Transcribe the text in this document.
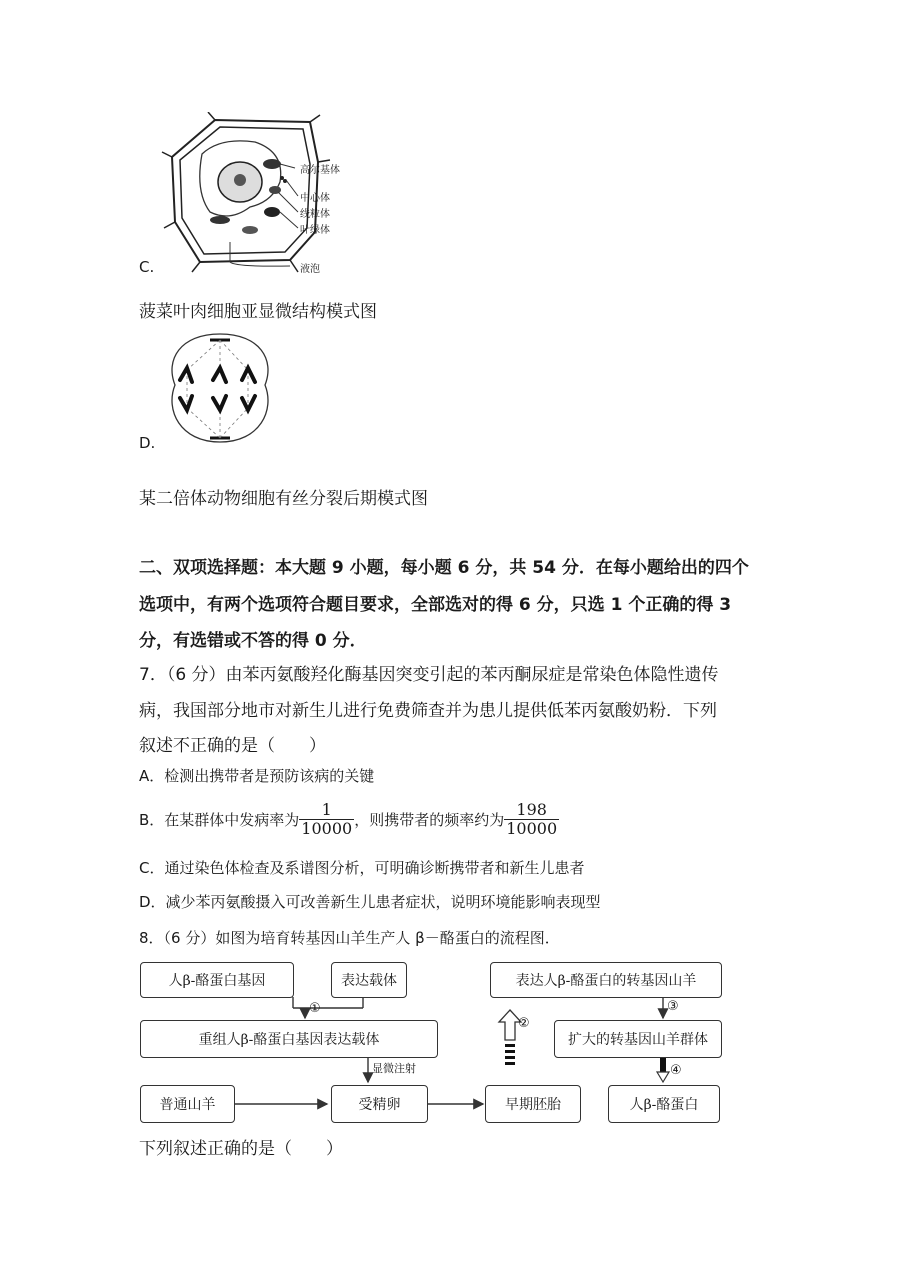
高尔基体
中心体
线粒体
叶绿体
液泡
C.
菠菜叶肉细胞亚显微结构模式图
D.
某二倍体动物细胞有丝分裂后期模式图
二、双项选择题：本大题 9 小题，每小题 6 分，共 54 分．在每小题给出的四个
选项中，有两个选项符合题目要求，全部选对的得 6 分，只选 1 个正确的得 3
分，有选错或不答的得 0 分．
7．（6 分）由苯丙氨酸羟化酶基因突变引起的苯丙酮尿症是常染色体隐性遗传
病，我国部分地市对新生儿进行免费筛查并为患儿提供低苯丙氨酸奶粉．下列
叙述不正确的是（　　）
A．检测出携带者是预防该病的关键
B．在某群体中发病率为 $\frac{1}{10000}$ ，则携带者的频率约为 $\frac{198}{10000}$
C．通过染色体检查及系谱图分析，可明确诊断携带者和新生儿患者
D．减少苯丙氨酸摄入可改善新生儿患者症状，说明环境能影响表现型
8．（6 分）如图为培育转基因山羊生产人 β－酪蛋白的流程图．
人β-酪蛋白基因	表达载体
重组人β-酪蛋白基因表达载体
普通山羊	受精卵	早期胚胎
表达人β-酪蛋白的转基因山羊
扩大的转基因山羊群体
人β-酪蛋白
显微注射
①
②
③
④
下列叙述正确的是（　　）
